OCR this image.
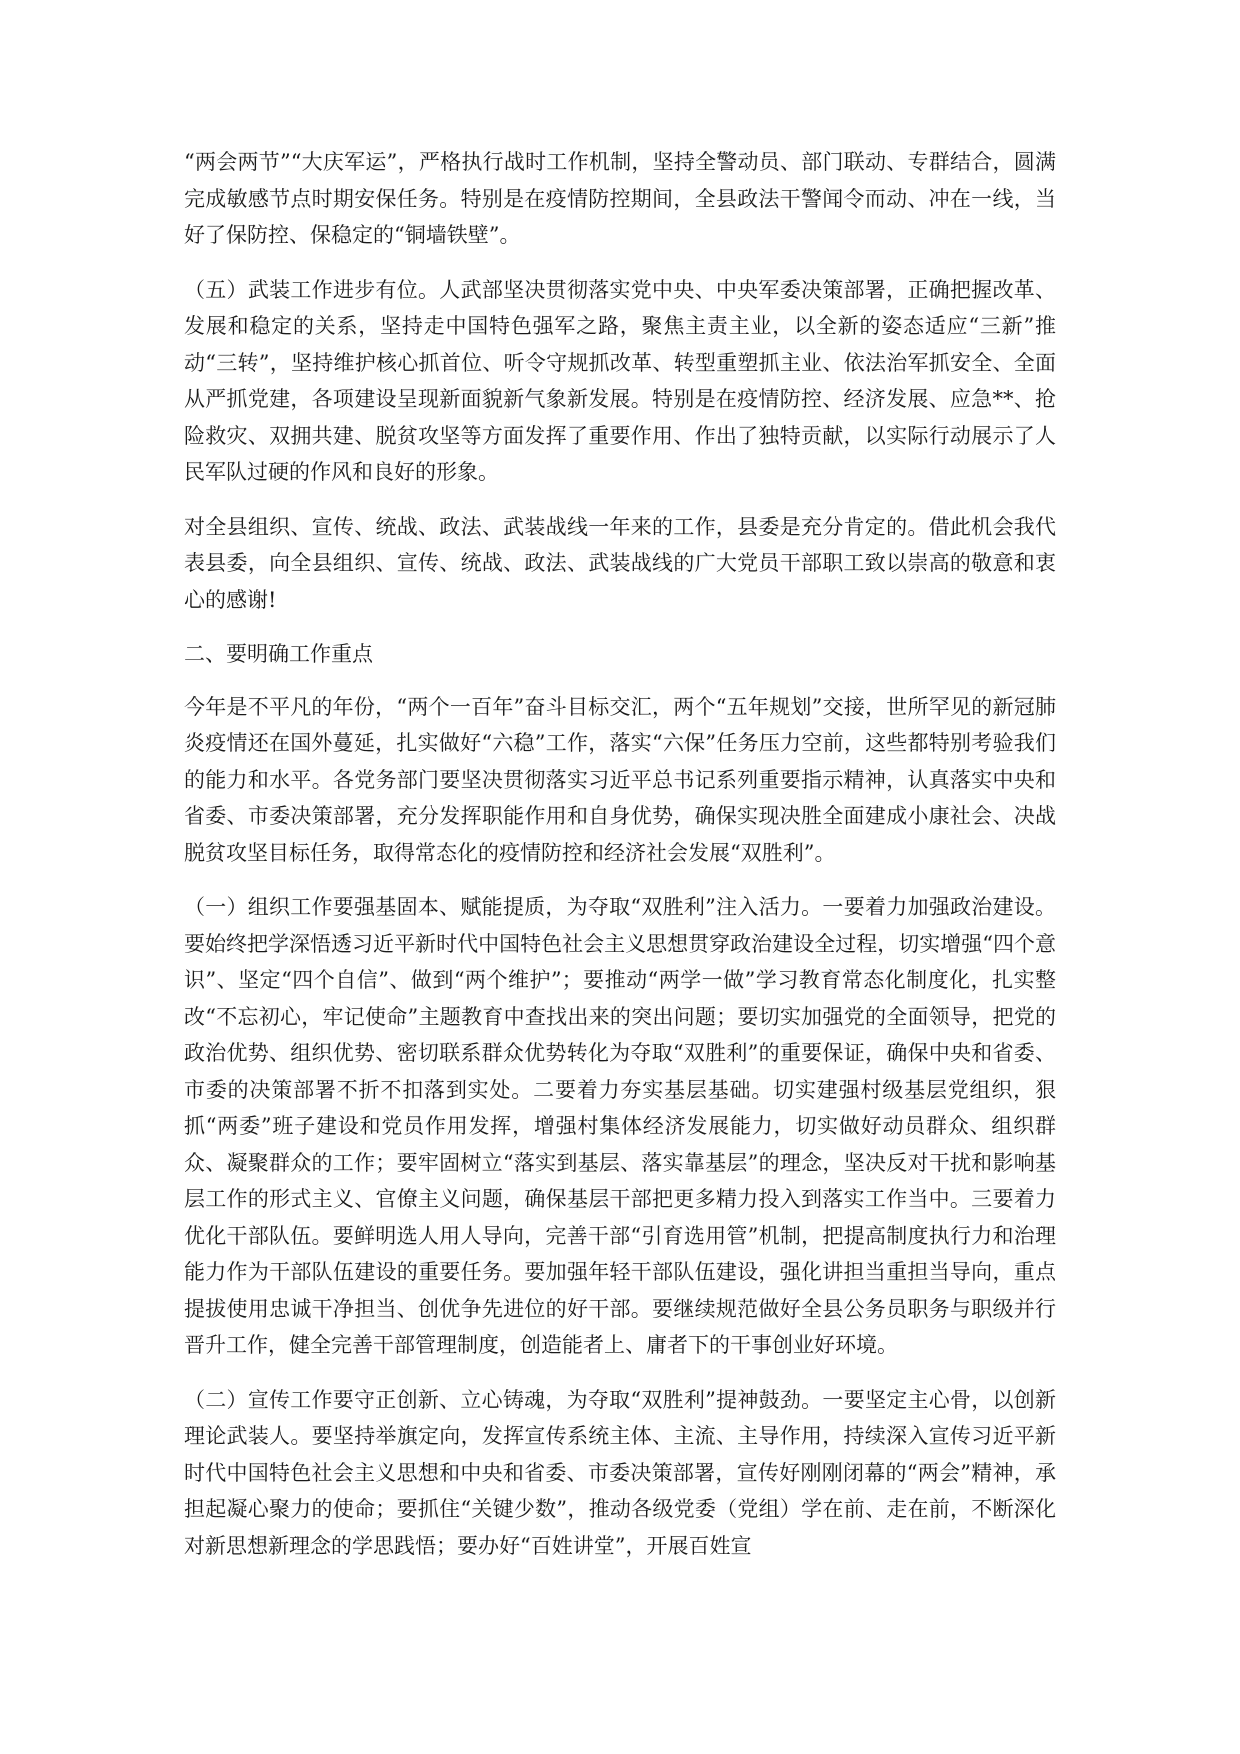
“两会两节”“大庆军运”，严格执行战时工作机制，坚持全警动员、部门联动、专群结合，圆满完成敏感节点时期安保任务。特别是在疫情防控期间，全县政法干警闻令而动、冲在一线，当好了保防控、保稳定的“铜墙铁壁”。

（五）武装工作进步有位。人武部坚决贯彻落实党中央、中央军委决策部署，正确把握改革、发展和稳定的关系，坚持走中国特色强军之路，聚焦主责主业，以全新的姿态适应“三新”推动“三转”，坚持维护核心抓首位、听令守规抓改革、转型重塑抓主业、依法治军抓安全、全面从严抓党建，各项建设呈现新面貌新气象新发展。特别是在疫情防控、经济发展、应急**、抢险救灾、双拥共建、脱贫攻坚等方面发挥了重要作用、作出了独特贡献，以实际行动展示了人民军队过硬的作风和良好的形象。

对全县组织、宣传、统战、政法、武装战线一年来的工作，县委是充分肯定的。借此机会我代表县委，向全县组织、宣传、统战、政法、武装战线的广大党员干部职工致以崇高的敬意和衷心的感谢!

二、要明确工作重点

今年是不平凡的年份，“两个一百年”奋斗目标交汇，两个“五年规划”交接，世所罕见的新冠肺炎疫情还在国外蔓延，扎实做好“六稳”工作，落实“六保”任务压力空前，这些都特别考验我们的能力和水平。各党务部门要坚决贯彻落实习近平总书记系列重要指示精神，认真落实中央和省委、市委决策部署，充分发挥职能作用和自身优势，确保实现决胜全面建成小康社会、决战脱贫攻坚目标任务，取得常态化的疫情防控和经济社会发展“双胜利”。

（一）组织工作要强基固本、赋能提质，为夺取“双胜利”注入活力。一要着力加强政治建设。要始终把学深悟透习近平新时代中国特色社会主义思想贯穿政治建设全过程，切实增强“四个意识”、坚定“四个自信”、做到“两个维护”；要推动“两学一做”学习教育常态化制度化，扎实整改“不忘初心，牢记使命”主题教育中查找出来的突出问题；要切实加强党的全面领导，把党的政治优势、组织优势、密切联系群众优势转化为夺取“双胜利”的重要保证，确保中央和省委、市委的决策部署不折不扣落到实处。二要着力夯实基层基础。切实建强村级基层党组织，狠抓“两委”班子建设和党员作用发挥，增强村集体经济发展能力，切实做好动员群众、组织群众、凝聚群众的工作；要牢固树立“落实到基层、落实靠基层”的理念，坚决反对干扰和影响基层工作的形式主义、官僚主义问题，确保基层干部把更多精力投入到落实工作当中。三要着力优化干部队伍。要鲜明选人用人导向，完善干部“引育选用管”机制，把提高制度执行力和治理能力作为干部队伍建设的重要任务。要加强年轻干部队伍建设，强化讲担当重担当导向，重点提拔使用忠诚干净担当、创优争先进位的好干部。要继续规范做好全县公务员职务与职级并行晋升工作，健全完善干部管理制度，创造能者上、庸者下的干事创业好环境。

（二）宣传工作要守正创新、立心铸魂，为夺取“双胜利”提神鼓劲。一要坚定主心骨，以创新理论武装人。要坚持举旗定向，发挥宣传系统主体、主流、主导作用，持续深入宣传习近平新时代中国特色社会主义思想和中央和省委、市委决策部署，宣传好刚刚闭幕的“两会”精神，承担起凝心聚力的使命；要抓住“关键少数”，推动各级党委（党组）学在前、走在前，不断深化对新思想新理念的学思践悟；要办好“百姓讲堂”，开展百姓宣
